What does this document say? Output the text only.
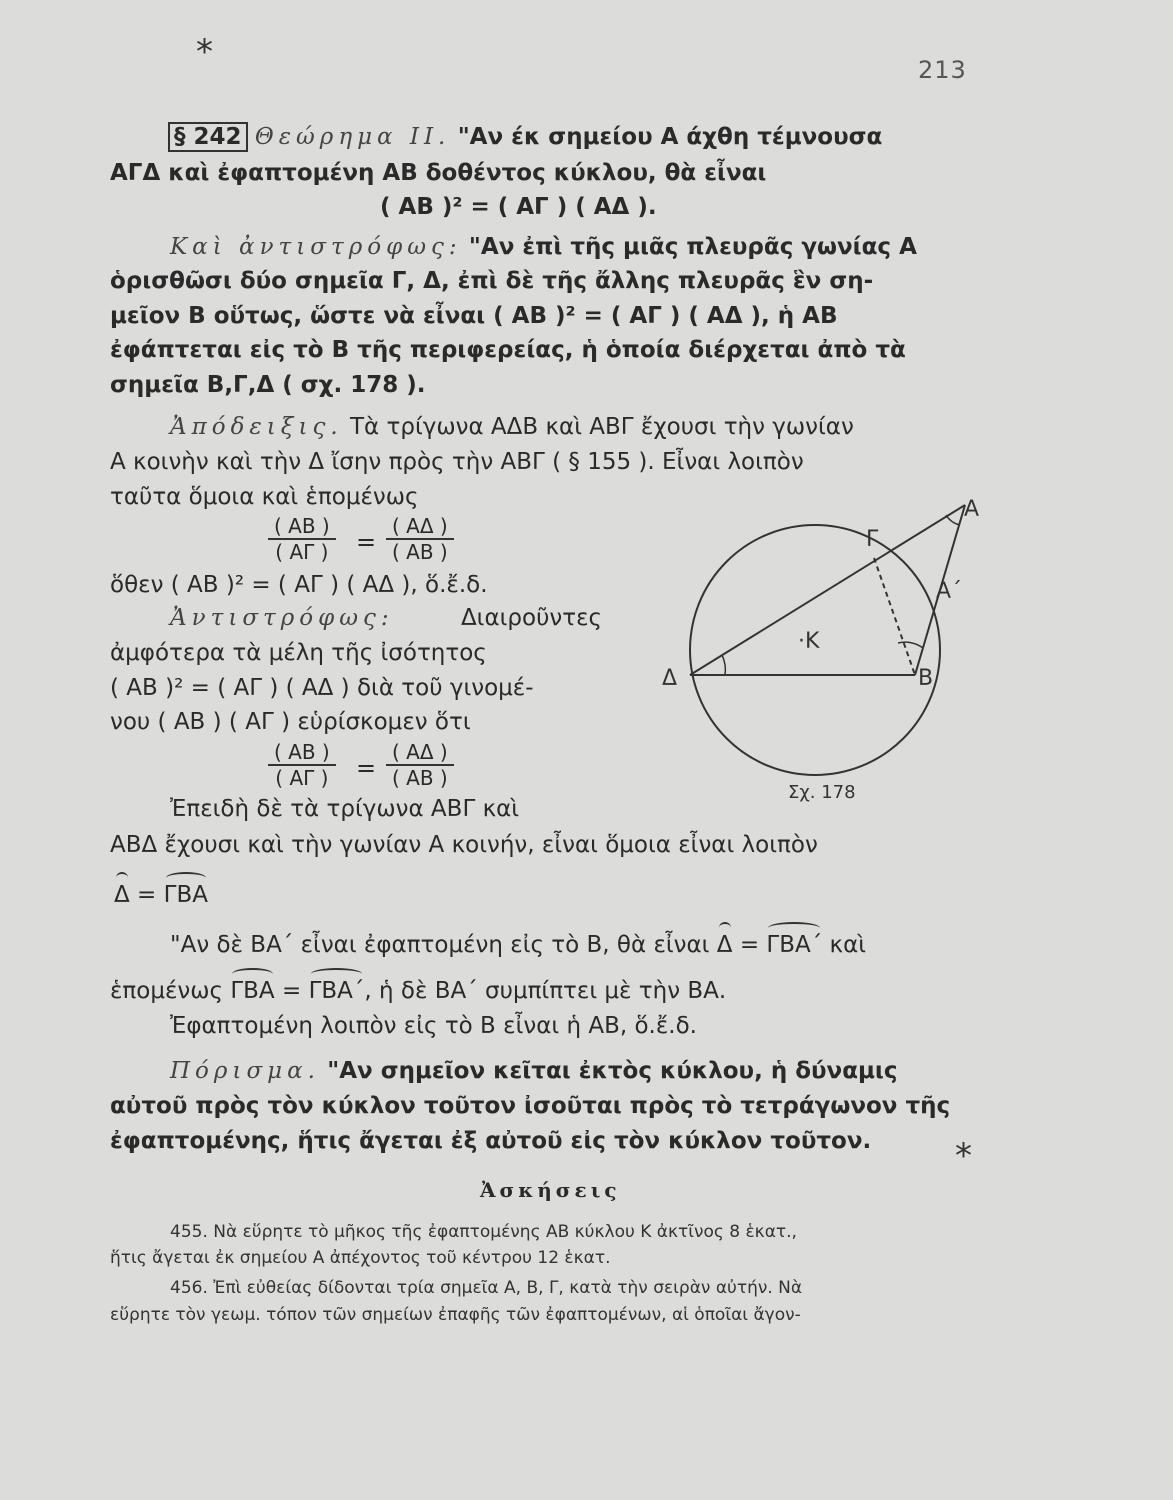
*	213
§ 242 Θεώρημα II. "Αν έκ σημείου Α άχθη τέμνουσα
ΑΓΔ καὶ ἐφαπτομένη ΑΒ δοθέντος κύκλου, θὰ εἶναι
( ΑΒ )² = ( ΑΓ ) ( ΑΔ ).
Καὶ ἀντιστρόφως: "Αν ἐπὶ τῆς μιᾶς πλευρᾶς γωνίας Α
ὁρισθῶσι δύο σημεῖα Γ, Δ, ἐπὶ δὲ τῆς ἄλλης πλευρᾶς ἓν ση-
μεῖον Β οὕτως, ὥστε νὰ εἶναι ( ΑΒ )² = ( ΑΓ ) ( ΑΔ ), ἡ ΑΒ
ἐφάπτεται εἰς τὸ Β τῆς περιφερείας, ἡ ὁποία διέρχεται ἀπὸ τὰ
σημεῖα Β,Γ,Δ ( σχ. 178 ).
Ἀπόδειξις. Τὰ τρίγωνα ΑΔΒ καὶ ΑΒΓ ἔχουσι τὴν γωνίαν
Α κοινὴν καὶ τὴν Δ ἴσην πρὸς τὴν ΑΒΓ ( § 155 ). Εἶναι λοιπὸν
ταῦτα ὅμοια καὶ ἑπομένως
$\frac{( AB )}{( A\Gamma )} = \frac{( A\Delta )}{( AB )}$
ὅθεν ( ΑΒ )² = ( ΑΓ ) ( ΑΔ ), ὅ.ἔ.δ.
Ἀντιστρόφως:	Διαιροῦντες
ἀμφότερα τὰ μέλη τῆς ἰσότητος
( ΑΒ )² = ( ΑΓ ) ( ΑΔ ) διὰ τοῦ γινομέ-
νου ( ΑΒ ) ( ΑΓ ) εὑρίσκομεν ὅτι
$\frac{( AB )}{( A\Gamma )} = \frac{( A\Delta )}{( AB )}$
Ἐπειδὴ δὲ τὰ τρίγωνα ΑΒΓ καὶ
ΑΒΔ ἔχουσι καὶ τὴν γωνίαν Α κοινήν, εἶναι ὅμοια εἶναι λοιπὸν
Δ = ΓΒΑ
"Αν δὲ ΒΑ΄ εἶναι ἐφαπτομένη εἰς τὸ Β, θὰ εἶναι Δ = ΓΒΑ΄ καὶ
ἑπομένως ΓΒΑ = ΓΒΑ΄, ἡ δὲ ΒΑ΄ συμπίπτει μὲ τὴν ΒΑ.
Ἐφαπτομένη λοιπὸν εἰς τὸ Β εἶναι ἡ ΑΒ, ὅ.ἔ.δ.
Πόρισμα. "Αν σημεῖον κεῖται ἐκτὸς κύκλου, ἡ δύναμις
αὐτοῦ πρὸς τὸν κύκλον τοῦτον ἰσοῦται πρὸς τὸ τετράγωνον τῆς
ἐφαπτομένης, ἥτις ἄγεται ἐξ αὐτοῦ εἰς τὸν κύκλον τοῦτον. *
Ἀσκήσεις
455. Νὰ εὕρητε τὸ μῆκος τῆς ἐφαπτομένης ΑΒ κύκλου Κ ἀκτῖνος 8 ἑκατ.,
ἥτις ἄγεται ἐκ σημείου Α ἀπέχοντος τοῦ κέντρου 12 ἑκατ.
456. Ἐπὶ εὐθείας δίδονται τρία σημεῖα Α, Β, Γ, κατὰ τὴν σειρὰν αὐτήν. Νὰ
εὕρητε τὸν γεωμ. τόπον τῶν σημείων ἐπαφῆς τῶν ἐφαπτομένων, αἱ ὁποῖαι ἄγον-
Α
Α΄
Γ
·Κ
Δ	Β
Σχ. 178
